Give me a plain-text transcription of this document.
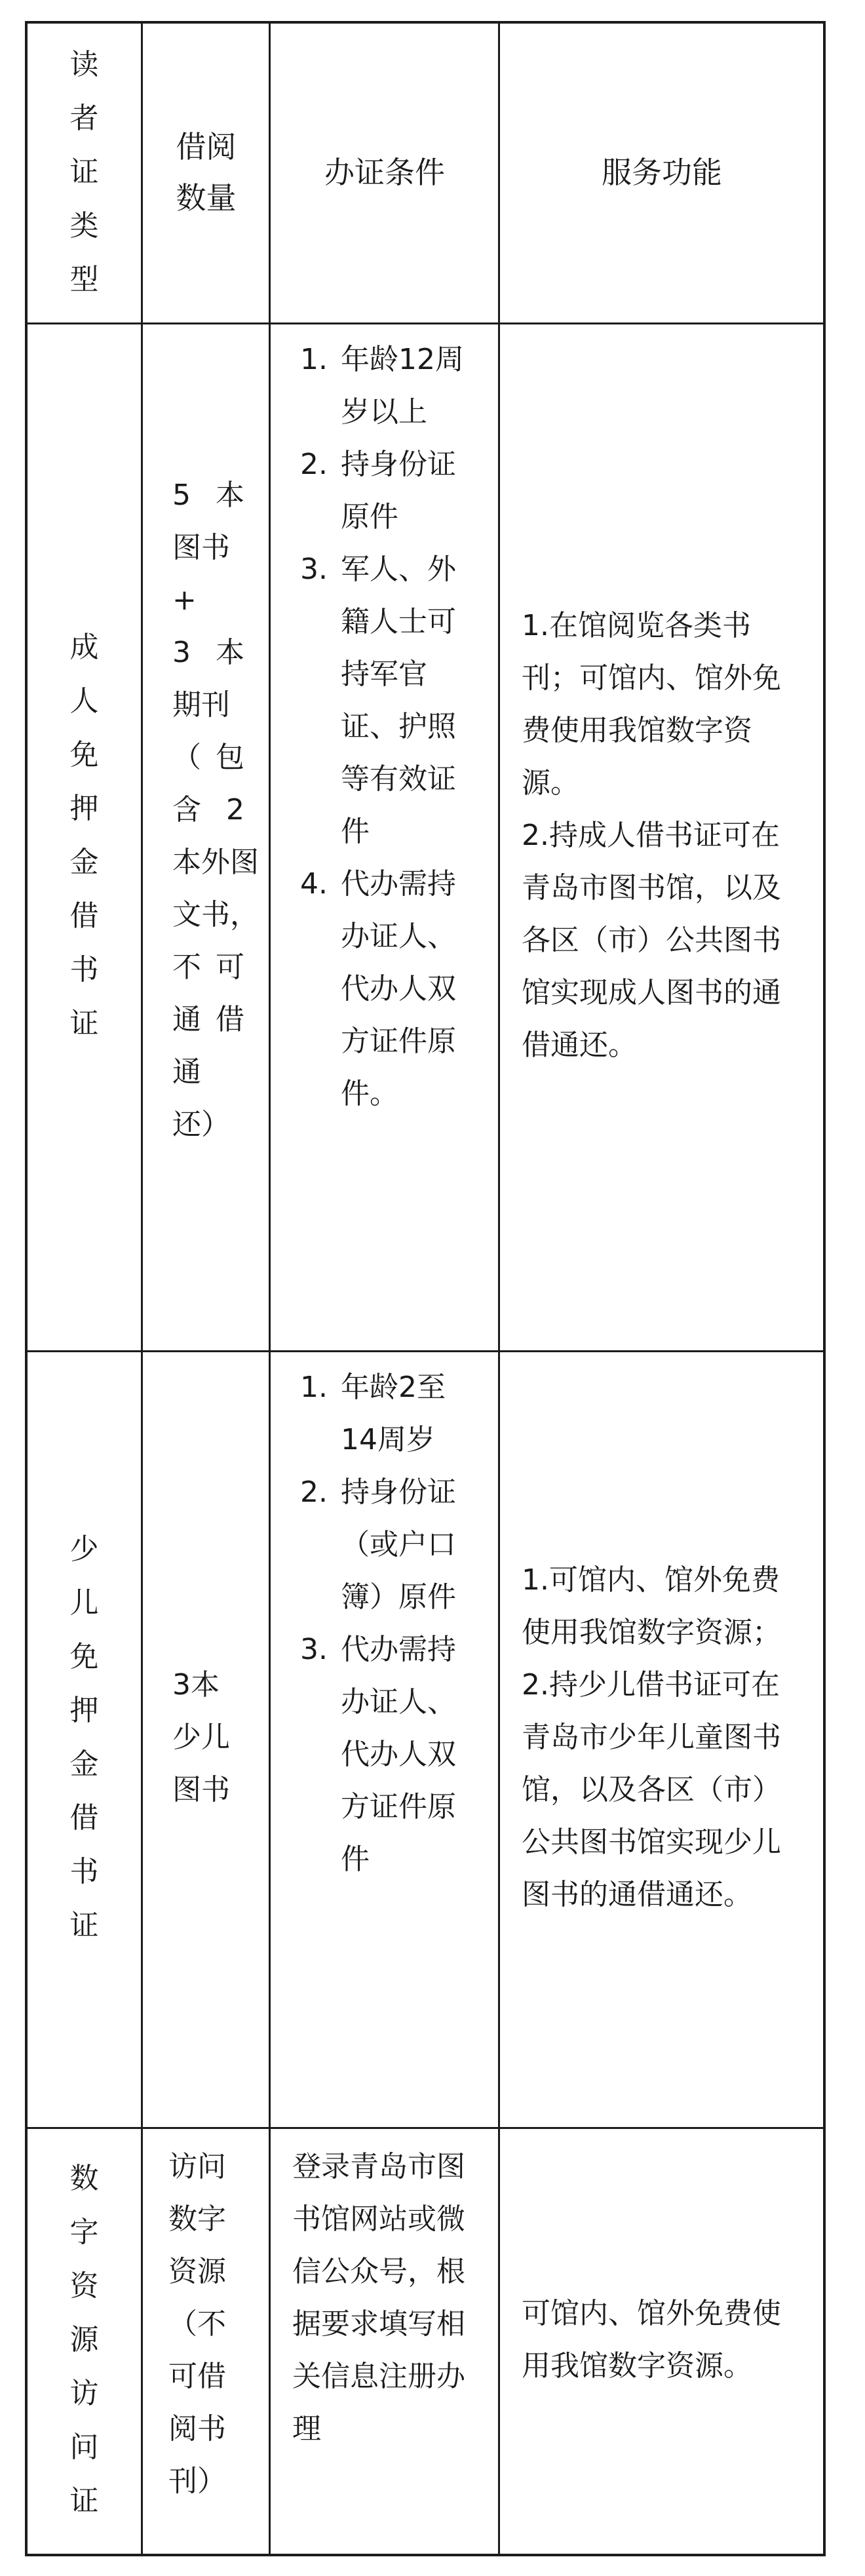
读
者
证
类
型
借阅
数量
办证条件	服务功能
成
人
免
押
金
借
书
证
5 本
图书+
3 本
期刊
（ 包
含 2
本 外 图
文 书 ，
不 可
通 借
通
还）
1. 年龄12周岁以上
2. 持身份证原件
3. 军人、外籍人士可持军官证、护照等有效证件
4. 代办需持办证人、代办人双方证件原件。

1.在馆阅览各类书刊；可馆内、馆外免费使用我馆数字资源。

2.持成人借书证可在青岛市图书馆，以及各区（市）公共图书馆实现成人图书的通借通还。

少
儿
免
押
金
借
书
证
3本
少儿
图书
1. 年龄2至14周岁
2. 持身份证（或户口簿）原件
3. 代办需持办证人、代办人双方证件原件

1.可馆内、馆外免费使用我馆数字资源；

2.持少儿借书证可在青岛市少年儿童图书馆，以及各区（市）公共图书馆实现少儿图书的通借通还。

数
字
资
源
访
问
证
访问
数字
资源
（不
可借
阅书
刊）
登录青岛市图书馆网站或微信公众号，根据要求填写相关信息注册办理

可馆内、馆外免费使用我馆数字资源。
